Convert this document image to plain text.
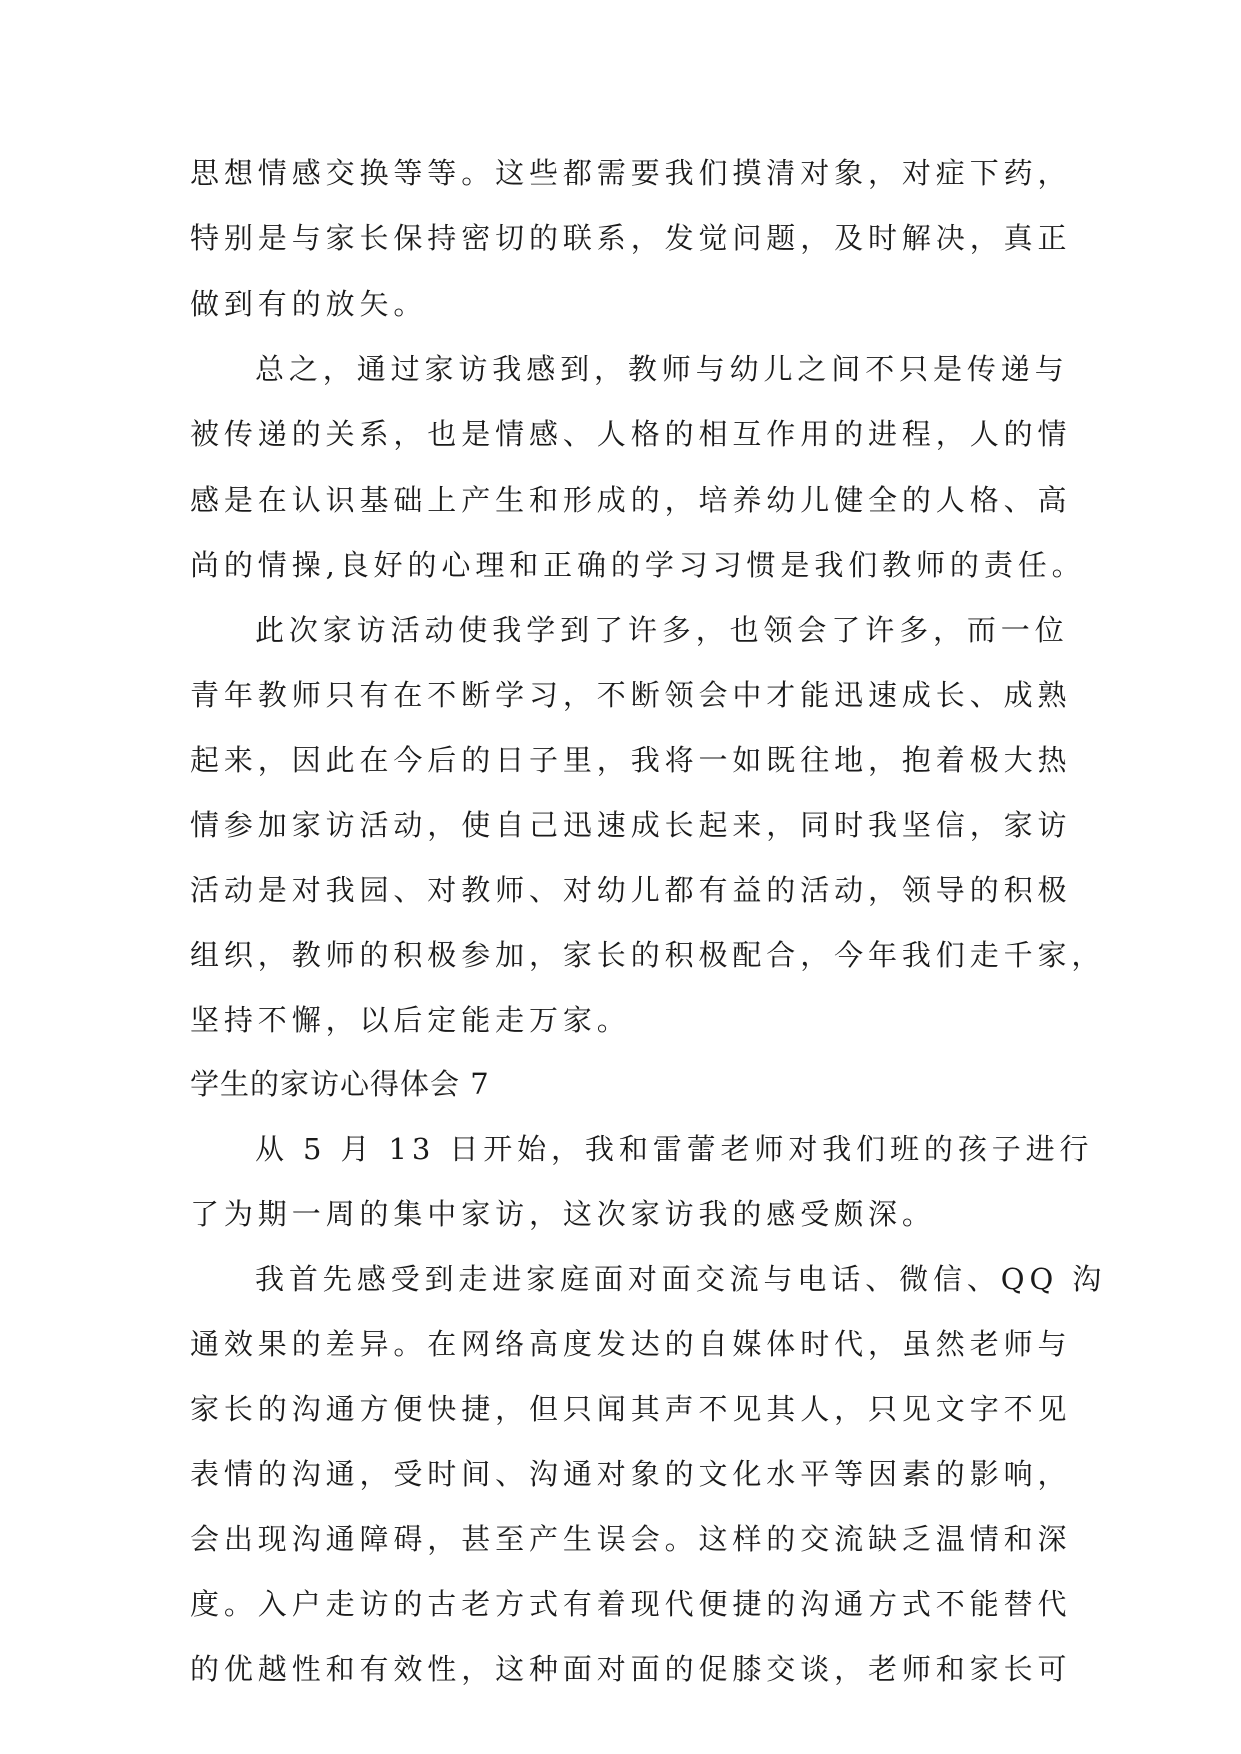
思想情感交换等等。这些都需要我们摸清对象，对症下药，
特别是与家长保持密切的联系，发觉问题，及时解决，真正
做到有的放矢。
总之，通过家访我感到，教师与幼儿之间不只是传递与
被传递的关系，也是情感、人格的相互作用的进程，人的情
感是在认识基础上产生和形成的，培养幼儿健全的人格、高
尚的情操,良好的心理和正确的学习习惯是我们教师的责任。
此次家访活动使我学到了许多，也领会了许多，而一位
青年教师只有在不断学习，不断领会中才能迅速成长、成熟
起来，因此在今后的日子里，我将一如既往地，抱着极大热
情参加家访活动，使自己迅速成长起来，同时我坚信，家访
活动是对我园、对教师、对幼儿都有益的活动，领导的积极
组织，教师的积极参加，家长的积极配合，今年我们走千家，
坚持不懈，以后定能走万家。
学生的家访心得体会 7
从 5 月 13 日开始，我和雷蕾老师对我们班的孩子进行
了为期一周的集中家访，这次家访我的感受颇深。
我首先感受到走进家庭面对面交流与电话、微信、QQ 沟
通效果的差异。在网络高度发达的自媒体时代，虽然老师与
家长的沟通方便快捷，但只闻其声不见其人，只见文字不见
表情的沟通，受时间、沟通对象的文化水平等因素的影响，
会出现沟通障碍，甚至产生误会。这样的交流缺乏温情和深
度。入户走访的古老方式有着现代便捷的沟通方式不能替代
的优越性和有效性，这种面对面的促膝交谈，老师和家长可
